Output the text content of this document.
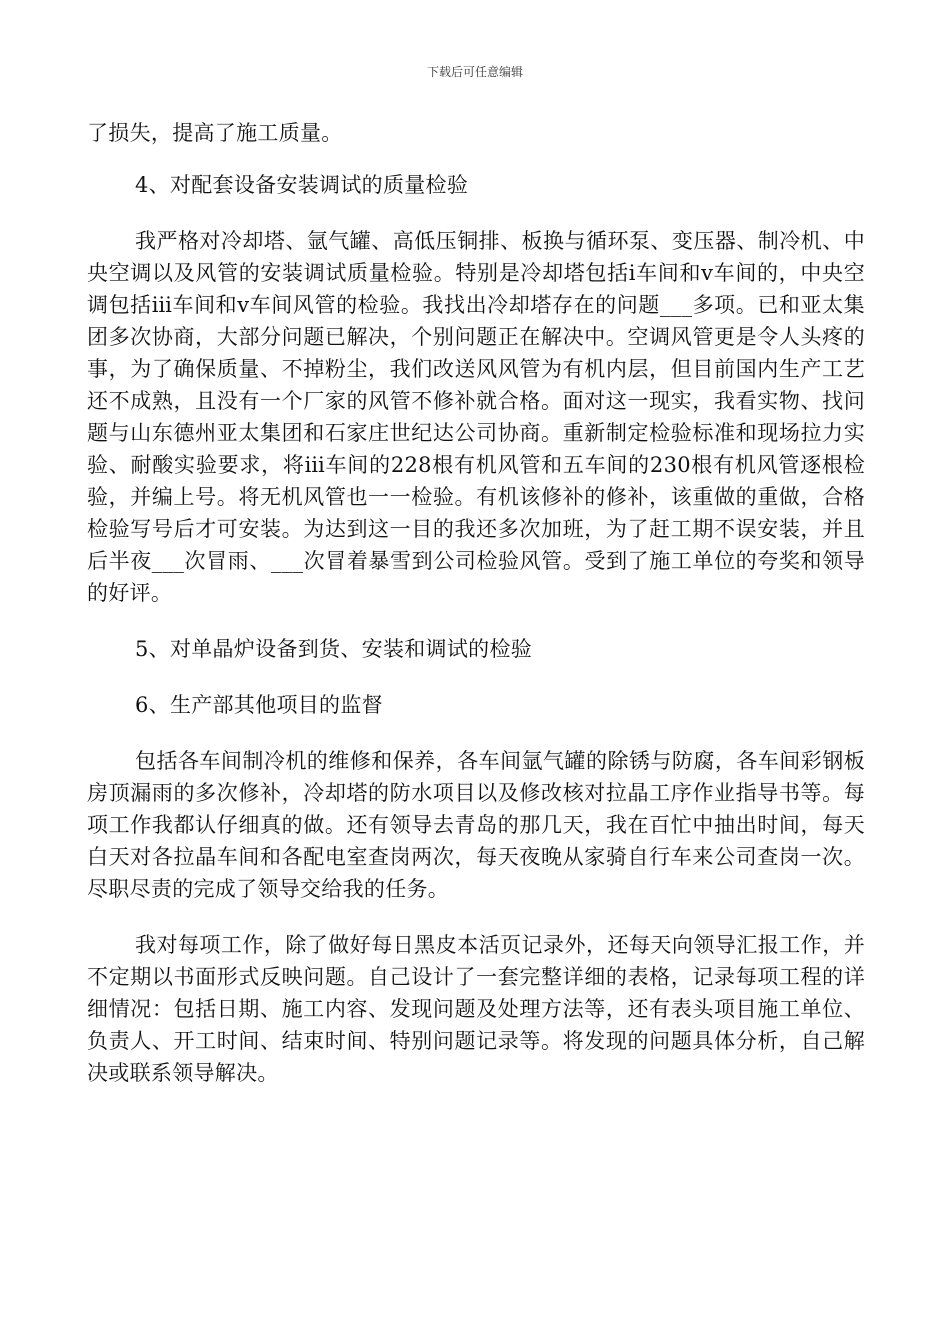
下载后可任意编辑

了损失，提高了施工质量。

4、对配套设备安装调试的质量检验

我严格对冷却塔、氩气罐、高低压铜排、板换与循环泵、变压器、制冷机、中央空调以及风管的安装调试质量检验。特别是冷却塔包括ⅰ车间和ⅴ车间的，中央空调包括ⅲ车间和ⅴ车间风管的检验。我找出冷却塔存在的问题___多项。已和亚太集团多次协商，大部分问题已解决，个别问题正在解决中。空调风管更是令人头疼的事，为了确保质量、不掉粉尘，我们改送风风管为有机内层，但目前国内生产工艺还不成熟，且没有一个厂家的风管不修补就合格。面对这一现实，我看实物、找问题与山东德州亚太集团和石家庄世纪达公司协商。重新制定检验标准和现场拉力实验、耐酸实验要求，将ⅲ车间的228根有机风管和五车间的230根有机风管逐根检验，并编上号。将无机风管也一一检验。有机该修补的修补，该重做的重做，合格检验写号后才可安装。为达到这一目的我还多次加班，为了赶工期不误安装，并且后半夜___次冒雨、___次冒着暴雪到公司检验风管。受到了施工单位的夸奖和领导的好评。

5、对单晶炉设备到货、安装和调试的检验

6、生产部其他项目的监督

包括各车间制冷机的维修和保养，各车间氩气罐的除锈与防腐，各车间彩钢板房顶漏雨的多次修补，冷却塔的防水项目以及修改核对拉晶工序作业指导书等。每项工作我都认仔细真的做。还有领导去青岛的那几天，我在百忙中抽出时间，每天白天对各拉晶车间和各配电室查岗两次，每天夜晚从家骑自行车来公司查岗一次。尽职尽责的完成了领导交给我的任务。

我对每项工作，除了做好每日黑皮本活页记录外，还每天向领导汇报工作，并不定期以书面形式反映问题。自己设计了一套完整详细的表格，记录每项工程的详细情况：包括日期、施工内容、发现问题及处理方法等，还有表头项目施工单位、负责人、开工时间、结束时间、特别问题记录等。将发现的问题具体分析，自己解决或联系领导解决。
